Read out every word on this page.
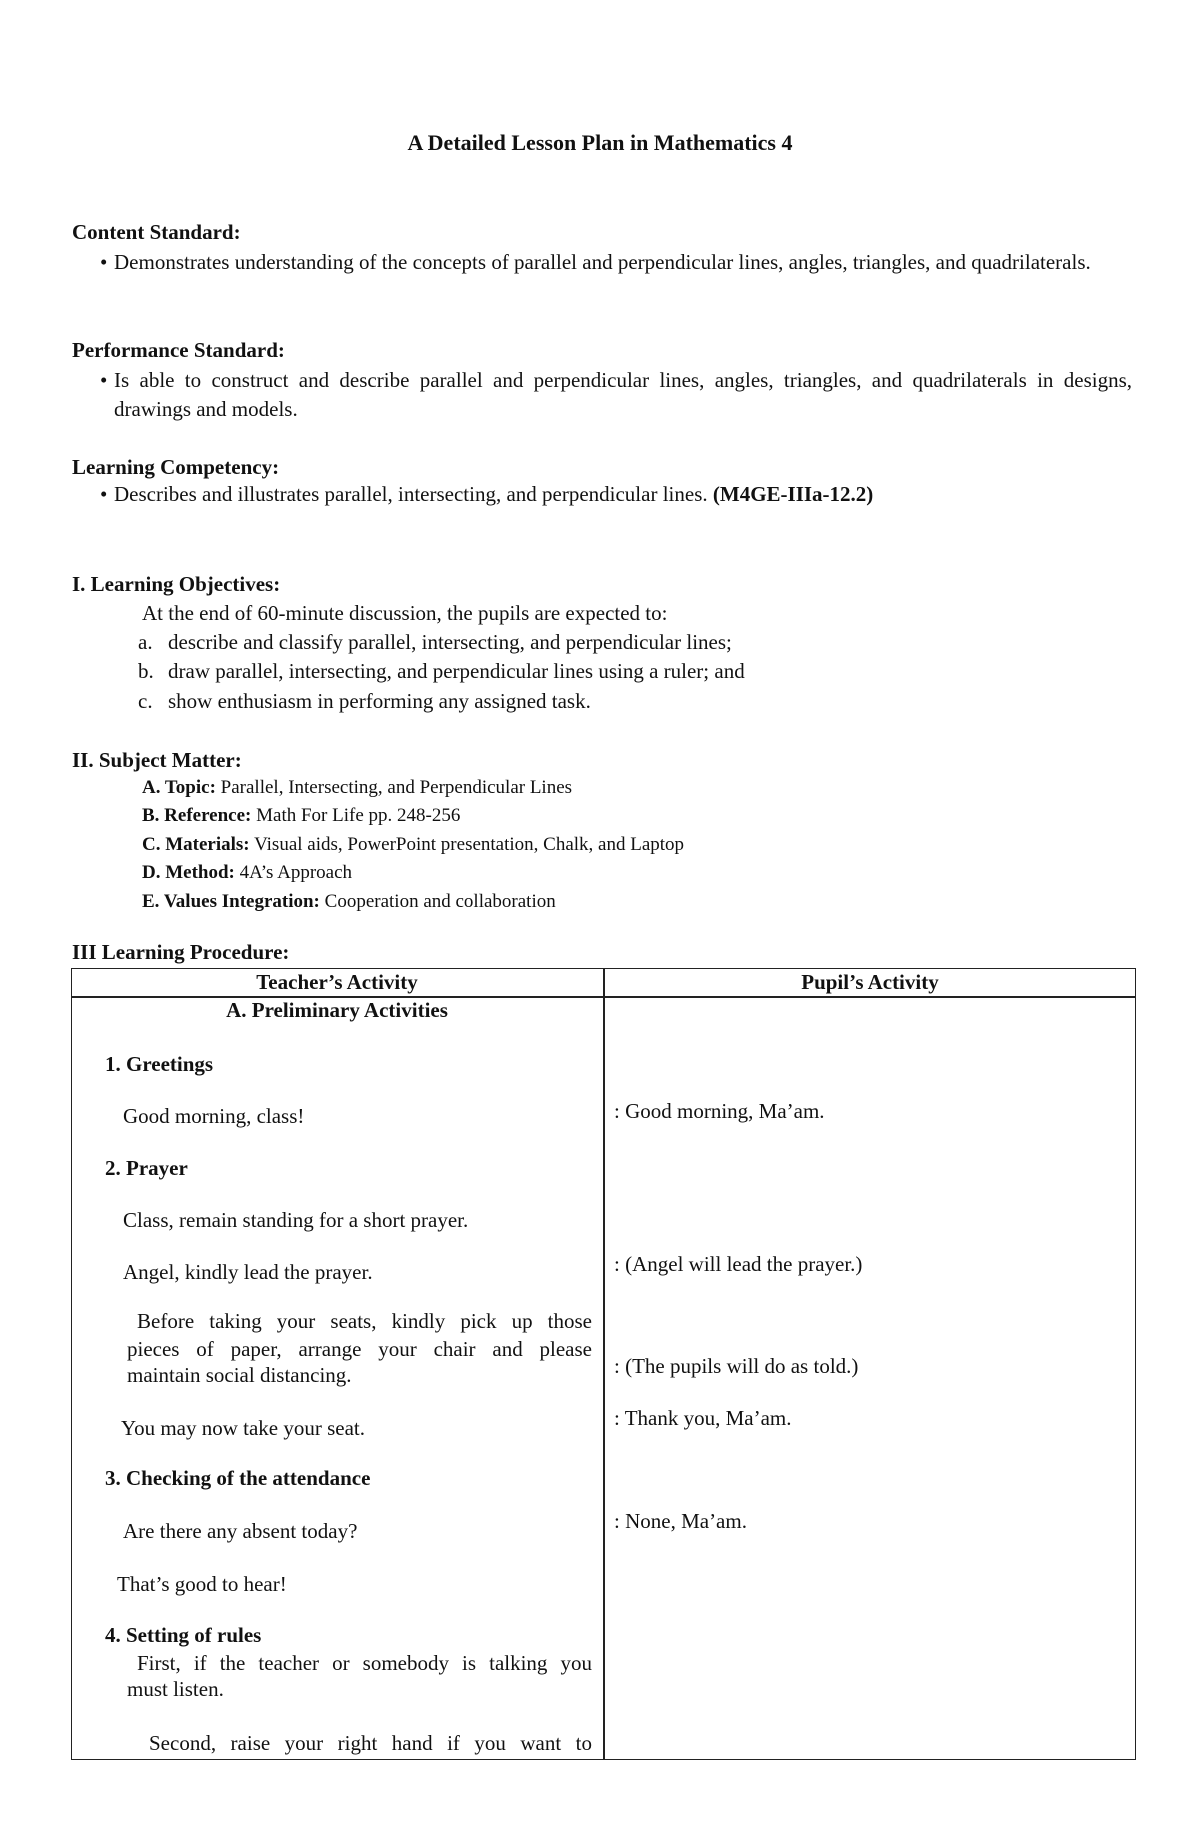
A Detailed Lesson Plan in Mathematics 4
Content Standard:
• Demonstrates understanding of the concepts of parallel and perpendicular lines, angles, triangles, and quadrilaterals.
Performance Standard:
• Is able to construct and describe parallel and perpendicular lines, angles, triangles, and quadrilaterals in designs, drawings and models.
Learning Competency:
• Describes and illustrates parallel, intersecting, and perpendicular lines. (M4GE-IIIa-12.2)
I. Learning Objectives:
At the end of 60-minute discussion, the pupils are expected to:
a. describe and classify parallel, intersecting, and perpendicular lines;
b. draw parallel, intersecting, and perpendicular lines using a ruler; and
c. show enthusiasm in performing any assigned task.
II. Subject Matter:
A. Topic: Parallel, Intersecting, and Perpendicular Lines
B. Reference: Math For Life pp. 248-256
C. Materials: Visual aids, PowerPoint presentation, Chalk, and Laptop
D. Method: 4A’s Approach
E. Values Integration: Cooperation and collaboration
III Learning Procedure:
Teacher’s Activity	Pupil’s Activity
A. Preliminary Activities
1. Greetings
Good morning, class!	: Good morning, Ma’am.
2. Prayer
Class, remain standing for a short prayer.
Angel, kindly lead the prayer.	: (Angel will lead the prayer.)
Before taking your seats, kindly pick up those
pieces of paper, arrange your chair and please
maintain social distancing.	: (The pupils will do as told.)
You may now take your seat.	: Thank you, Ma’am.
3. Checking of the attendance
Are there any absent today?	: None, Ma’am.
That’s good to hear!
4. Setting of rules
First, if the teacher or somebody is talking you
must listen.
Second, raise your right hand if you want to
